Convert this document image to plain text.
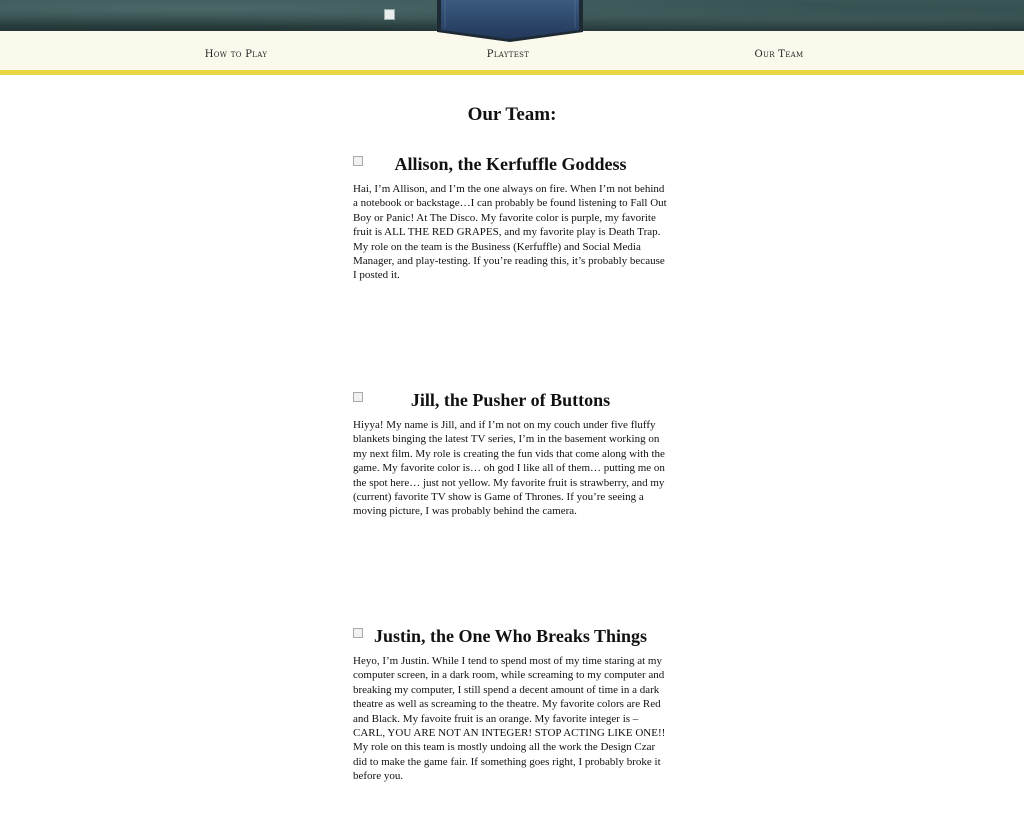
How to Play	Playtest	Our Team
Our Team:
Allison, the Kerfuffle Goddess
Hai, I’m Allison, and I’m the one always on fire. When I’m not behind a notebook or backstage…I can probably be found listening to Fall Out Boy or Panic! At The Disco. My favorite color is purple, my favorite fruit is ALL THE RED GRAPES, and my favorite play is Death Trap. My role on the team is the Business (Kerfuffle) and Social Media Manager, and play-testing. If you’re reading this, it’s probably because I posted it.
Jill, the Pusher of Buttons
Hiyya! My name is Jill, and if I’m not on my couch under five fluffy blankets binging the latest TV series, I’m in the basement working on my next film. My role is creating the fun vids that come along with the game. My favorite color is… oh god I like all of them… putting me on the spot here… just not yellow. My favorite fruit is strawberry, and my (current) favorite TV show is Game of Thrones. If you’re seeing a moving picture, I was probably behind the camera.
Justin, the One Who Breaks Things
Heyo, I’m Justin. While I tend to spend most of my time staring at my computer screen, in a dark room, while screaming to my computer and breaking my computer, I still spend a decent amount of time in a dark theatre as well as screaming to the theatre. My favorite colors are Red and Black. My favoite fruit is an orange. My favorite integer is – CARL, YOU ARE NOT AN INTEGER! STOP ACTING LIKE ONE!! My role on this team is mostly undoing all the work the Design Czar did to make the game fair. If something goes right, I probably broke it before you.
